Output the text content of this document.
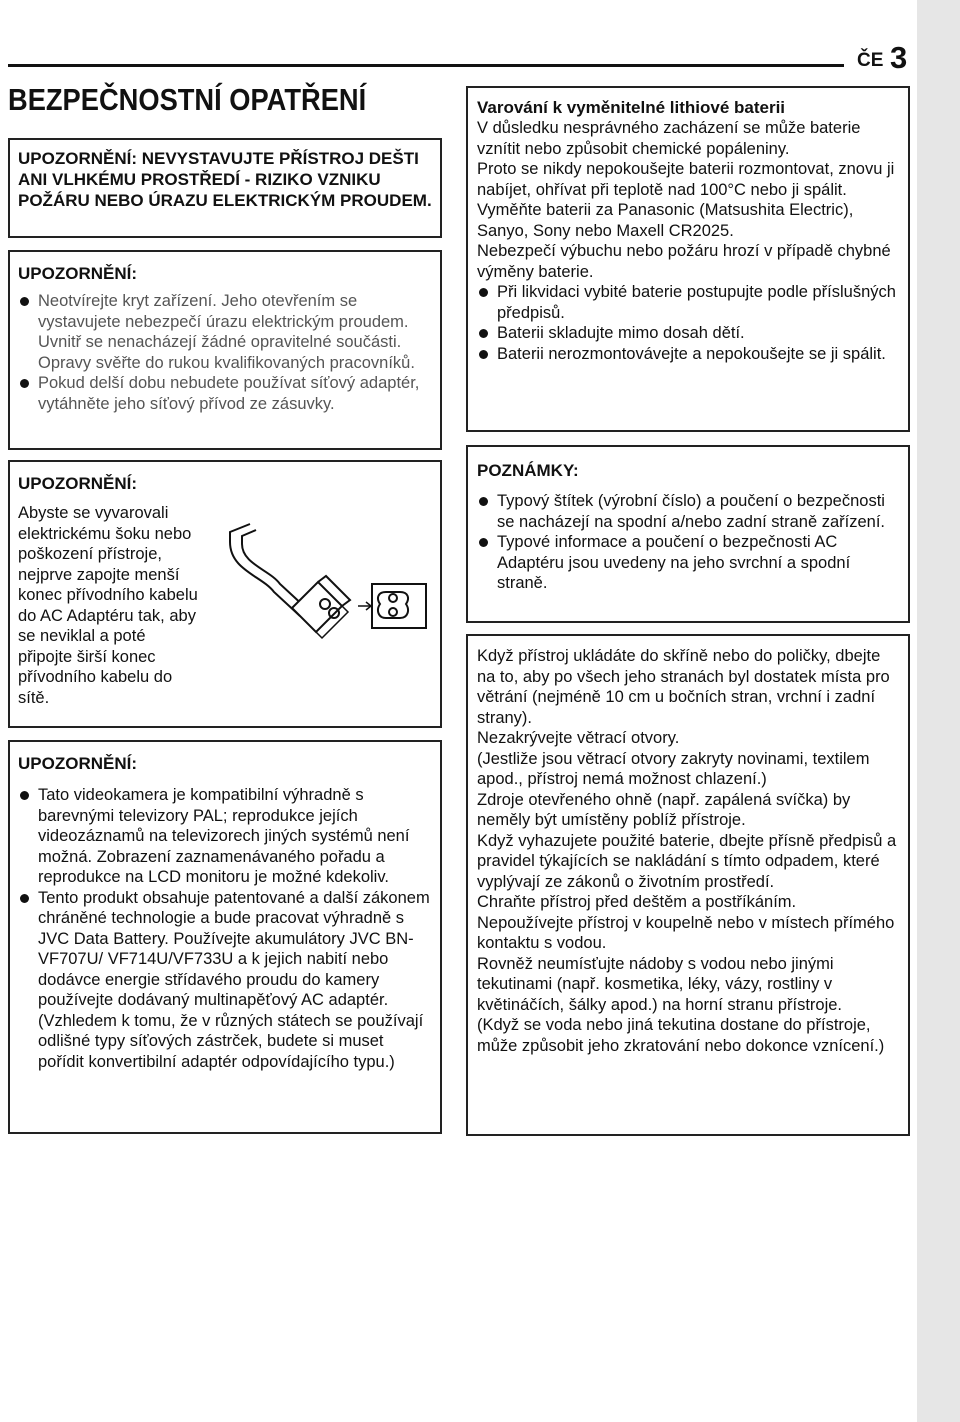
ČE 3
BEZPEČNOSTNÍ OPATŘENÍ

UPOZORNĚNÍ: NEVYSTAVUJTE PŘÍSTROJ DEŠTI ANI VLHKÉMU PROSTŘEDÍ - RIZIKO VZNIKU POŽÁRU NEBO ÚRAZU ELEKTRICKÝM PROUDEM.

UPOZORNĚNÍ:

Neotvírejte kryt zařízení. Jeho otevřením se vystavujete nebezpečí úrazu elektrickým proudem. Uvnitř se nenacházejí žádné opravitelné součásti. Opravy svěřte do rukou kvalifikovaných pracovníků.
Pokud delší dobu nebudete používat síťový adaptér, vytáhněte jeho síťový přívod ze zásuvky.

UPOZORNĚNÍ:

Abyste se vyvarovali elektrickému šoku nebo poškození přístroje, nejprve zapojte menší konec přívodního kabelu do AC Adaptéru tak, aby se neviklal a poté připojte širší konec přívodního kabelu do sítě.

UPOZORNĚNÍ:

Tato videokamera je kompatibilní výhradně s barevnými televizory PAL; reprodukce jejích videozáznamů na televizorech jiných systémů není možná. Zobrazení zaznamenávaného pořadu a reprodukce na LCD monitoru je možné kdekoliv.
Tento produkt obsahuje patentované a další zákonem chráněné technologie a bude pracovat výhradně s JVC Data Battery. Používejte akumulátory JVC BN-VF707U/ VF714U/VF733U a k jejich nabití nebo dodávce energie střídavého proudu do kamery používejte dodávaný multinapěťový AC adaptér. (Vzhledem k tomu, že v různých státech se používají odlišné typy síťových zástrček, budete si muset pořídit konvertibilní adaptér odpovídajícího typu.)

Varování k vyměnitelné lithiové baterii

V důsledku nesprávného zacházení se může baterie vznítit nebo způsobit chemické popáleniny.

Proto se nikdy nepokoušejte baterii rozmontovat, znovu ji nabíjet, ohřívat při teplotě nad 100°C nebo ji spálit.

Vyměňte baterii za Panasonic (Matsushita Electric), Sanyo, Sony nebo Maxell CR2025.

Nebezpečí výbuchu nebo požáru hrozí v případě chybné výměny baterie.

Při likvidaci vybité baterie postupujte podle příslušných předpisů.
Baterii skladujte mimo dosah dětí.
Baterii nerozmontovávejte a nepokoušejte se ji spálit.

POZNÁMKY:

Typový štítek (výrobní číslo) a poučení o bezpečnosti se nacházejí na spodní a/nebo zadní straně zařízení.
Typové informace a poučení o bezpečnosti AC Adaptéru jsou uvedeny na jeho svrchní a spodní straně.

Když přístroj ukládáte do skříně nebo do poličky, dbejte na to, aby po všech jeho stranách byl dostatek místa pro větrání (nejméně 10 cm u bočních stran, vrchní i zadní strany).

Nezakrývejte větrací otvory.

(Jestliže jsou větrací otvory zakryty novinami, textilem apod., přístroj nemá možnost chlazení.)

Zdroje otevřeného ohně (např. zapálená svíčka) by neměly být umístěny poblíž přístroje.

Když vyhazujete použité baterie, dbejte přísně předpisů a pravidel týkajících se nakládání s tímto odpadem, které vyplývají ze zákonů o životním prostředí.

Chraňte přístroj před deštěm a postříkáním.

Nepoužívejte přístroj v koupelně nebo v místech přímého kontaktu s vodou.

Rovněž neumísťujte nádoby s vodou nebo jinými tekutinami (např. kosmetika, léky, vázy, rostliny v květináčích, šálky apod.) na horní stranu přístroje.

(Když se voda nebo jiná tekutina dostane do přístroje, může způsobit jeho zkratování nebo dokonce vznícení.)
